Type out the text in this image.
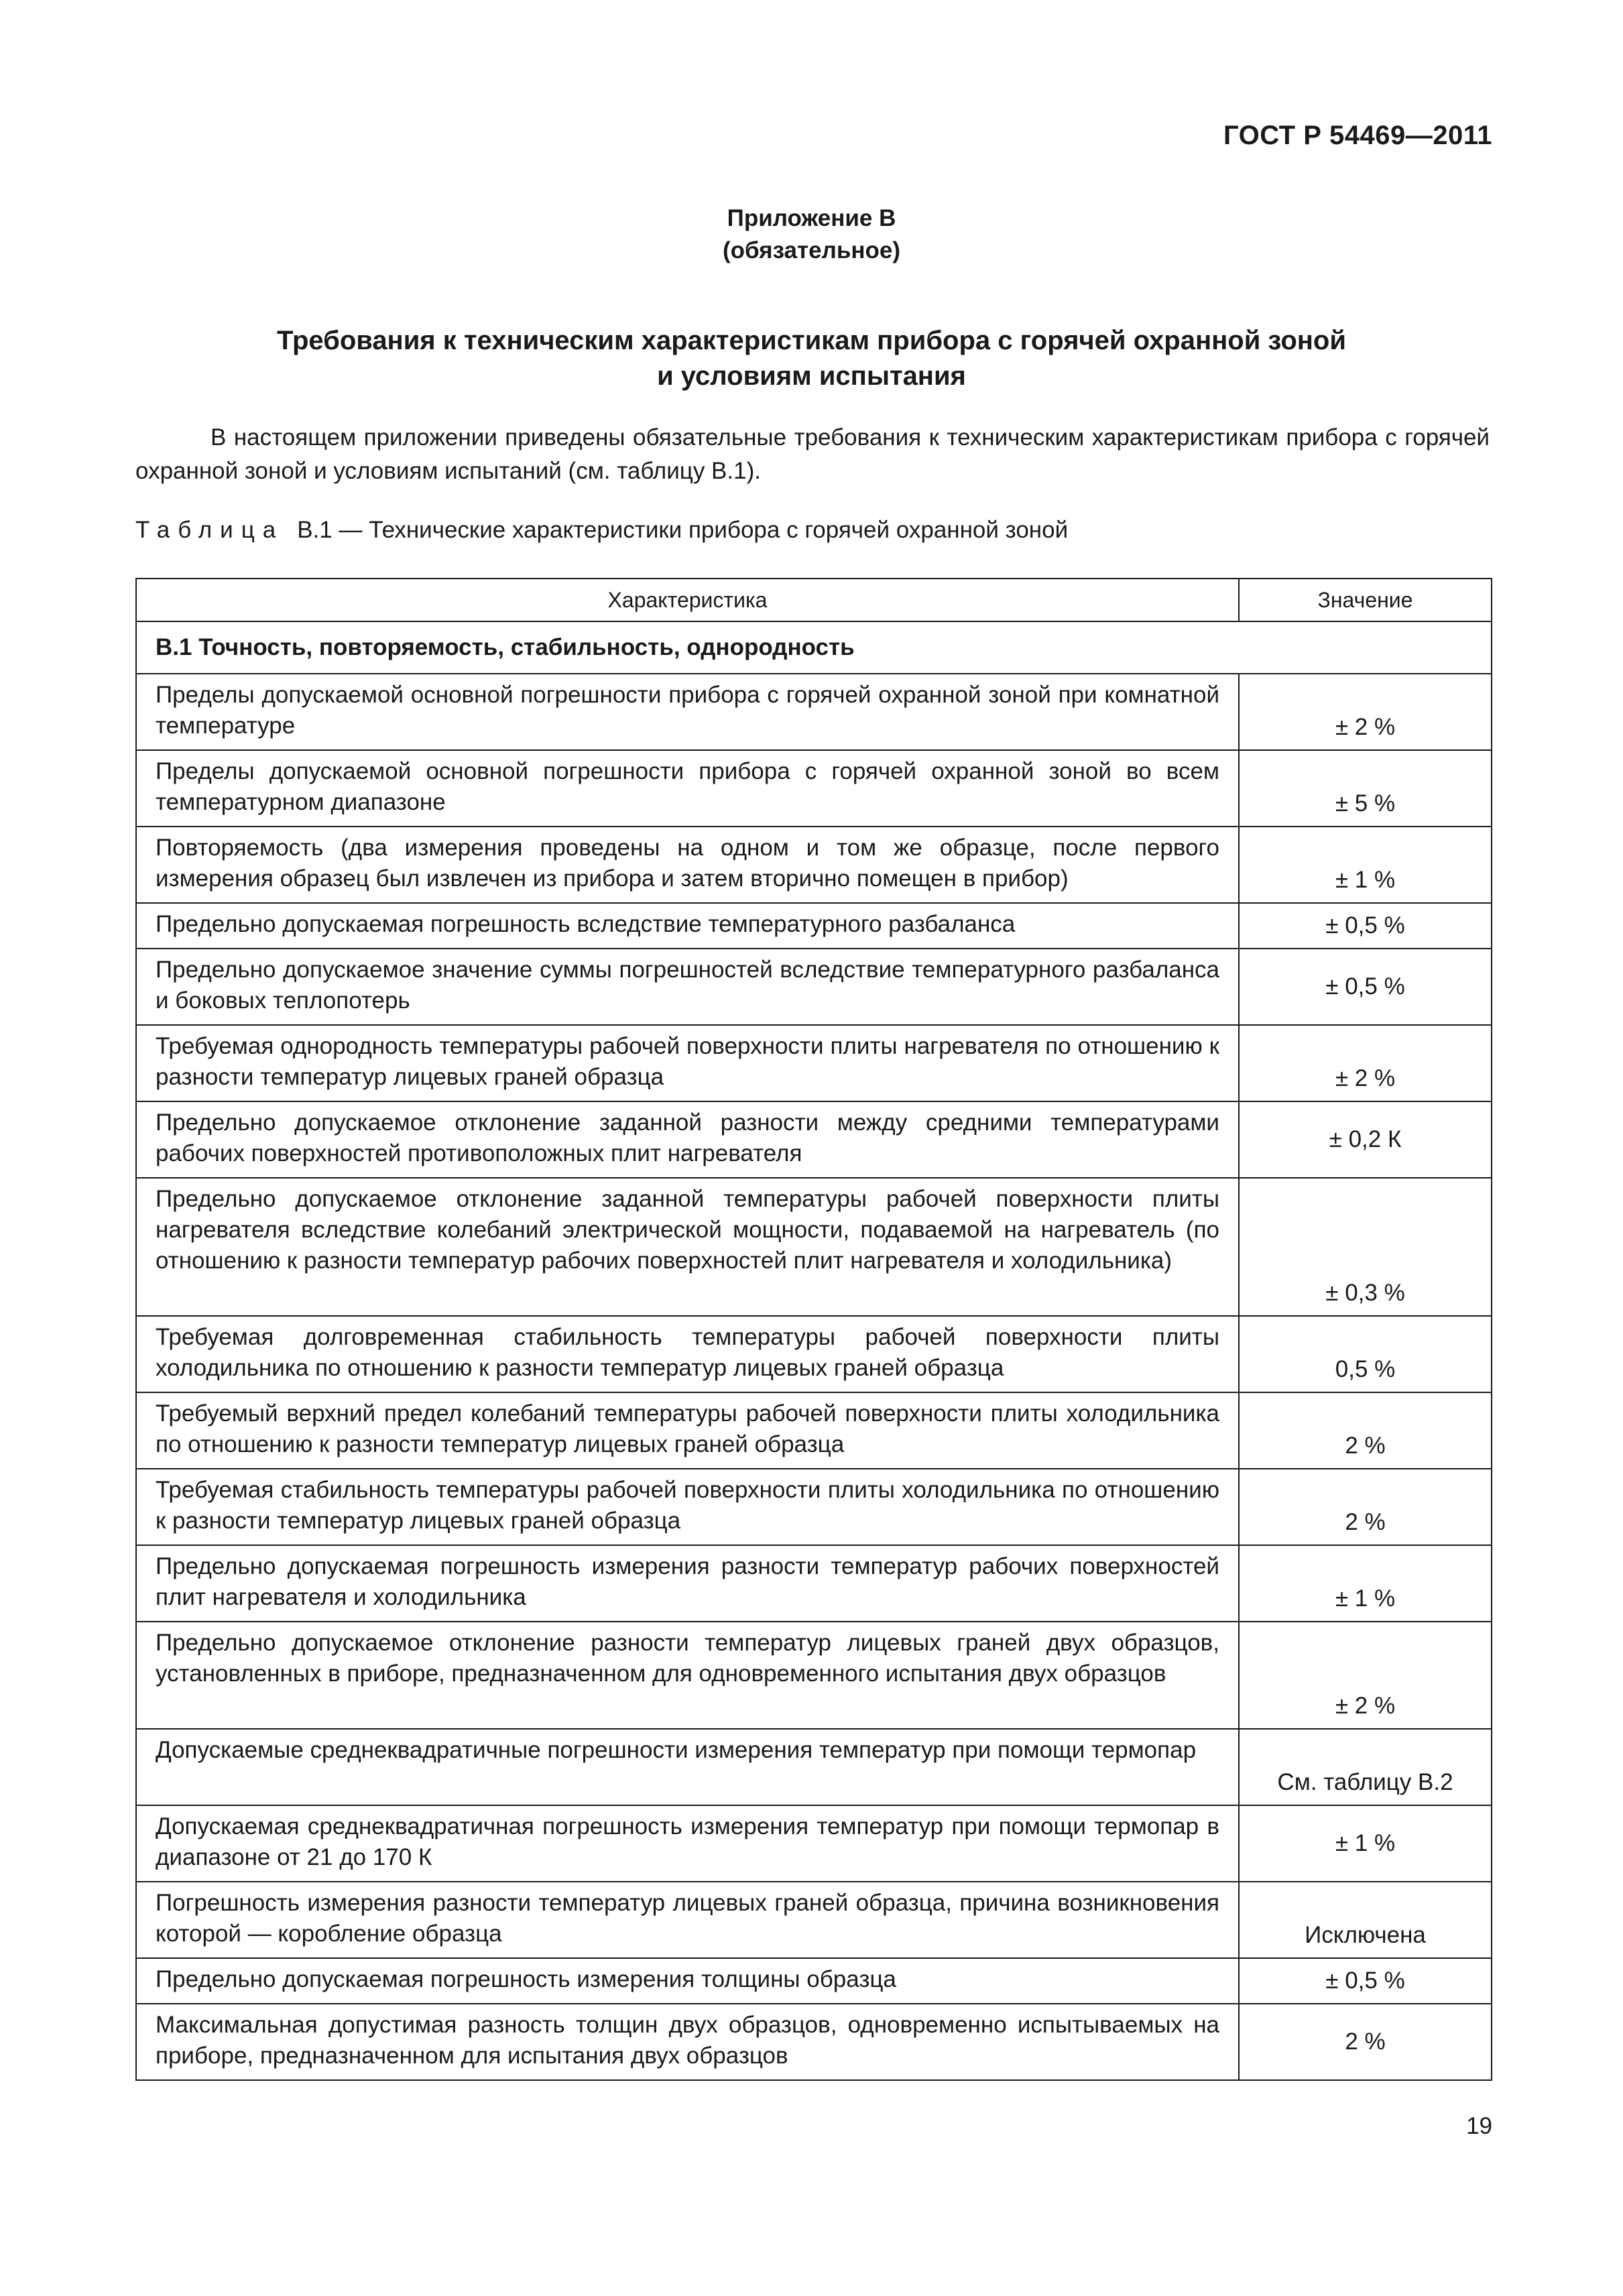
ГОСТ Р 54469—2011
Приложение В
(обязательное)
Требования к техническим характеристикам прибора с горячей охранной зоной
и условиям испытания
В настоящем приложении приведены обязательные требования к техническим характеристикам прибора с горячей охранной зоной и условиям испытаний (см. таблицу В.1).
Таблица В.1 — Технические характеристики прибора с горячей охранной зоной
Характеристика	Значение
В.1 Точность, повторяемость, стабильность, однородность	
Пределы допускаемой основной погрешности прибора с горячей охранной зоной при комнатной температуре	± 2 %
Пределы допускаемой основной погрешности прибора с горячей охранной зоной во всем температурном диапазоне	± 5 %
Повторяемость (два измерения проведены на одном и том же образце, после первого измерения образец был извлечен из прибора и затем вторично помещен в прибор)	± 1 %
Предельно допускаемая погрешность вследствие температурного разбаланса	± 0,5 %
Предельно допускаемое значение суммы погрешностей вследствие температурного разбаланса и боковых теплопотерь	± 0,5 %
Требуемая однородность температуры рабочей поверхности плиты нагревателя по отношению к разности температур лицевых граней образца	± 2 %
Предельно допускаемое отклонение заданной разности между средними температурами рабочих поверхностей противоположных плит нагревателя	± 0,2 К
Предельно допускаемое отклонение заданной температуры рабочей поверхности плиты нагревателя вследствие колебаний электрической мощности, подаваемой на нагреватель (по отношению к разности температур рабочих поверхностей плит нагревателя и холодильника)	± 0,3 %
Требуемая долговременная стабильность температуры рабочей поверхности плиты холодильника по отношению к разности температур лицевых граней образца	0,5 %
Требуемый верхний предел колебаний температуры рабочей поверхности плиты холодильника по отношению к разности температур лицевых граней образца	2 %
Требуемая стабильность температуры рабочей поверхности плиты холодильника по отношению к разности температур лицевых граней образца	2 %
Предельно допускаемая погрешность измерения разности температур рабочих поверхностей плит нагревателя и холодильника	± 1 %
Предельно допускаемое отклонение разности температур лицевых граней двух образцов, установленных в приборе, предназначенном для одновременного испытания двух образцов	± 2 %
Допускаемые среднеквадратичные погрешности измерения температур при помощи термопар	См. таблицу В.2
Допускаемая среднеквадратичная погрешность измерения температур при помощи термопар в диапазоне от 21 до 170 К	± 1 %
Погрешность измерения разности температур лицевых граней образца, причина возникновения которой — коробление образца	Исключена
Предельно допускаемая погрешность измерения толщины образца	± 0,5 %
Максимальная допустимая разность толщин двух образцов, одновременно испытываемых на приборе, предназначенном для испытания двух образцов	2 %
19
